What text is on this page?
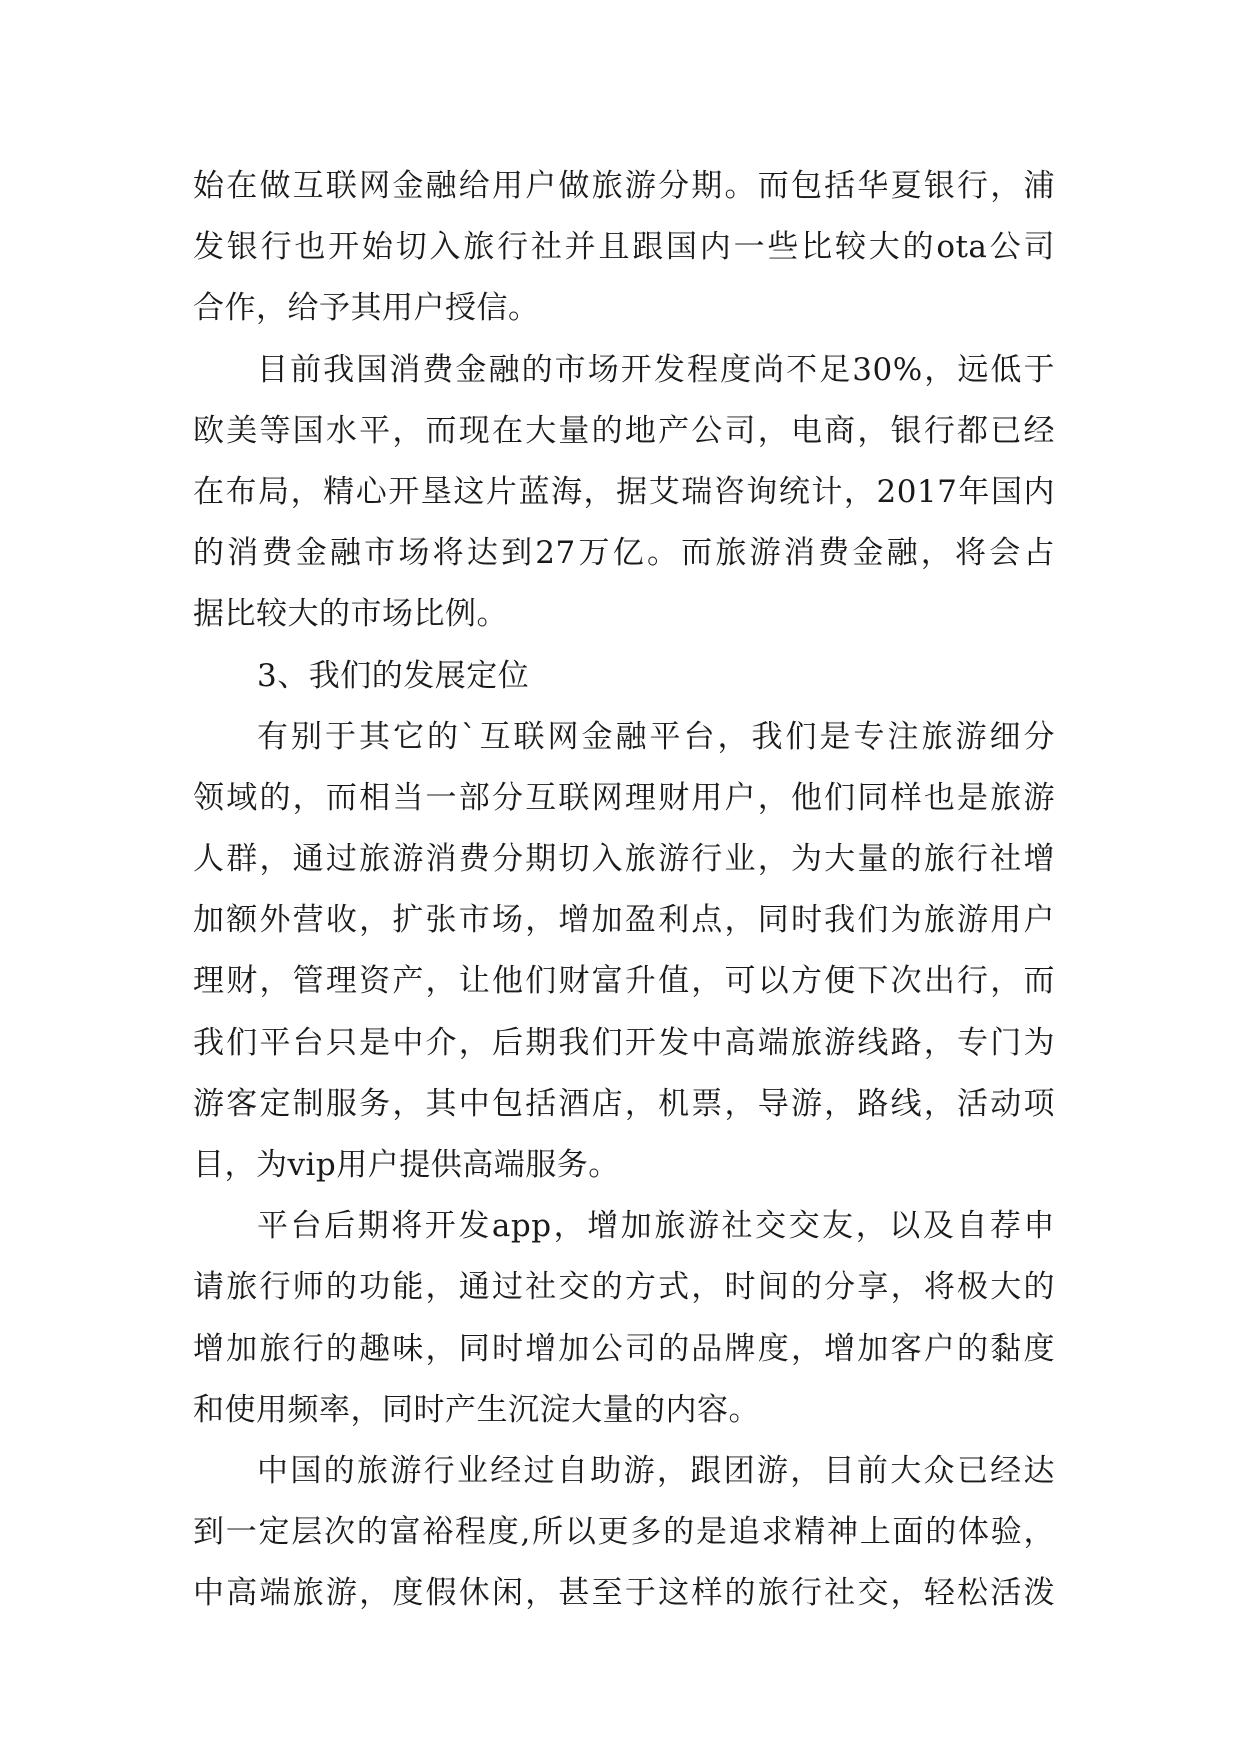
始在做互联网金融给用户做旅游分期。而包括华夏银行，浦
发银行也开始切入旅行社并且跟国内一些比较大的ota公司
合作，给予其用户授信。
目前我国消费金融的市场开发程度尚不足30%，远低于
欧美等国水平，而现在大量的地产公司，电商，银行都已经
在布局，精心开垦这片蓝海，据艾瑞咨询统计，2017年国内
的消费金融市场将达到27万亿。而旅游消费金融，将会占
据比较大的市场比例。
3、我们的发展定位
有别于其它的`互联网金融平台，我们是专注旅游细分
领域的，而相当一部分互联网理财用户，他们同样也是旅游
人群，通过旅游消费分期切入旅游行业，为大量的旅行社增
加额外营收，扩张市场，增加盈利点，同时我们为旅游用户
理财，管理资产，让他们财富升值，可以方便下次出行，而
我们平台只是中介，后期我们开发中高端旅游线路，专门为
游客定制服务，其中包括酒店，机票，导游，路线，活动项
目，为vip用户提供高端服务。
平台后期将开发app，增加旅游社交交友，以及自荐申
请旅行师的功能，通过社交的方式，时间的分享，将极大的
增加旅行的趣味，同时增加公司的品牌度，增加客户的黏度
和使用频率，同时产生沉淀大量的内容。
中国的旅游行业经过自助游，跟团游，目前大众已经达
到一定层次的富裕程度,所以更多的是追求精神上面的体验，
中高端旅游，度假休闲，甚至于这样的旅行社交，轻松活泼
